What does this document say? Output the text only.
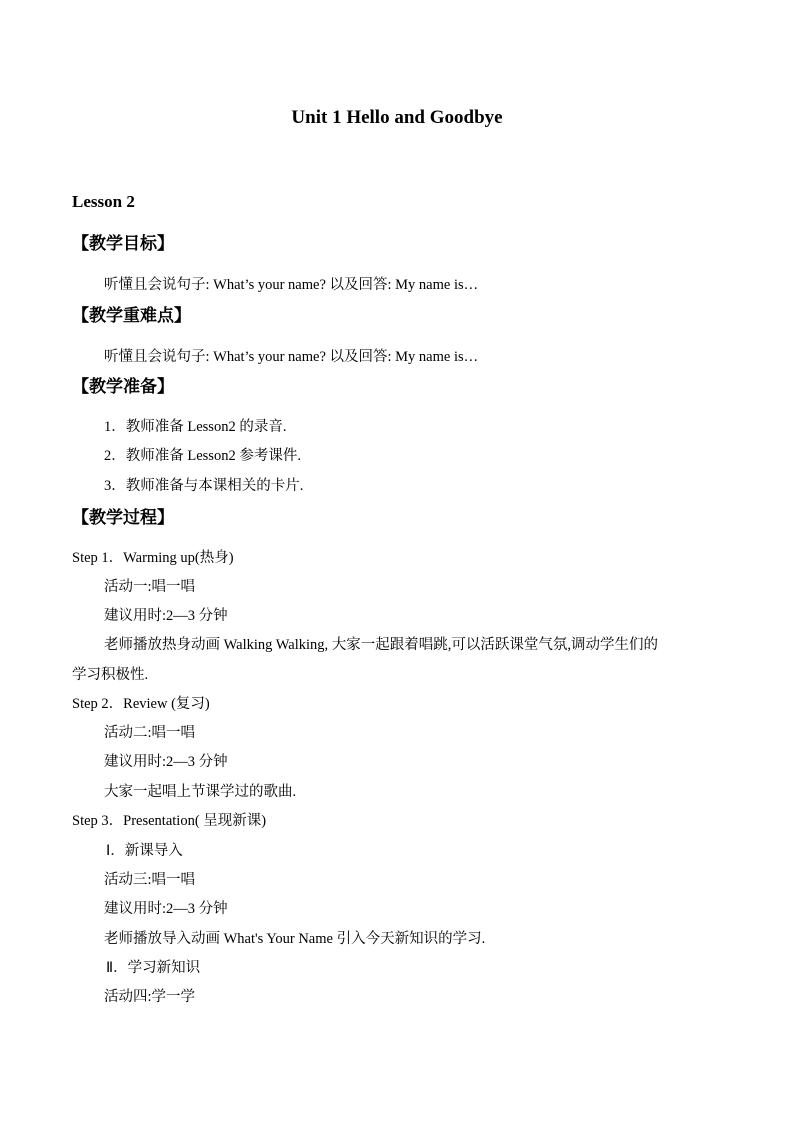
Unit 1 Hello and Goodbye
Lesson 2
【教学目标】
听懂且会说句子: What’s your name? 以及回答: My name is…
【教学重难点】
听懂且会说句子: What’s your name? 以及回答: My name is…
【教学准备】
1．教师准备 Lesson2 的录音.
2．教师准备 Lesson2 参考课件.
3．教师准备与本课相关的卡片.
【教学过程】
Step 1．Warming up(热身)
活动一:唱一唱
建议用时:2—3 分钟
老师播放热身动画 Walking Walking, 大家一起跟着唱跳,可以活跃课堂气氛,调动学生们的
学习积极性.
Step 2．Review (复习)
活动二:唱一唱
建议用时:2—3 分钟
大家一起唱上节课学过的歌曲.
Step 3．Presentation( 呈现新课)
Ⅰ．新课导入
活动三:唱一唱
建议用时:2—3 分钟
老师播放导入动画 What's Your Name 引入今天新知识的学习.
Ⅱ．学习新知识
活动四:学一学
